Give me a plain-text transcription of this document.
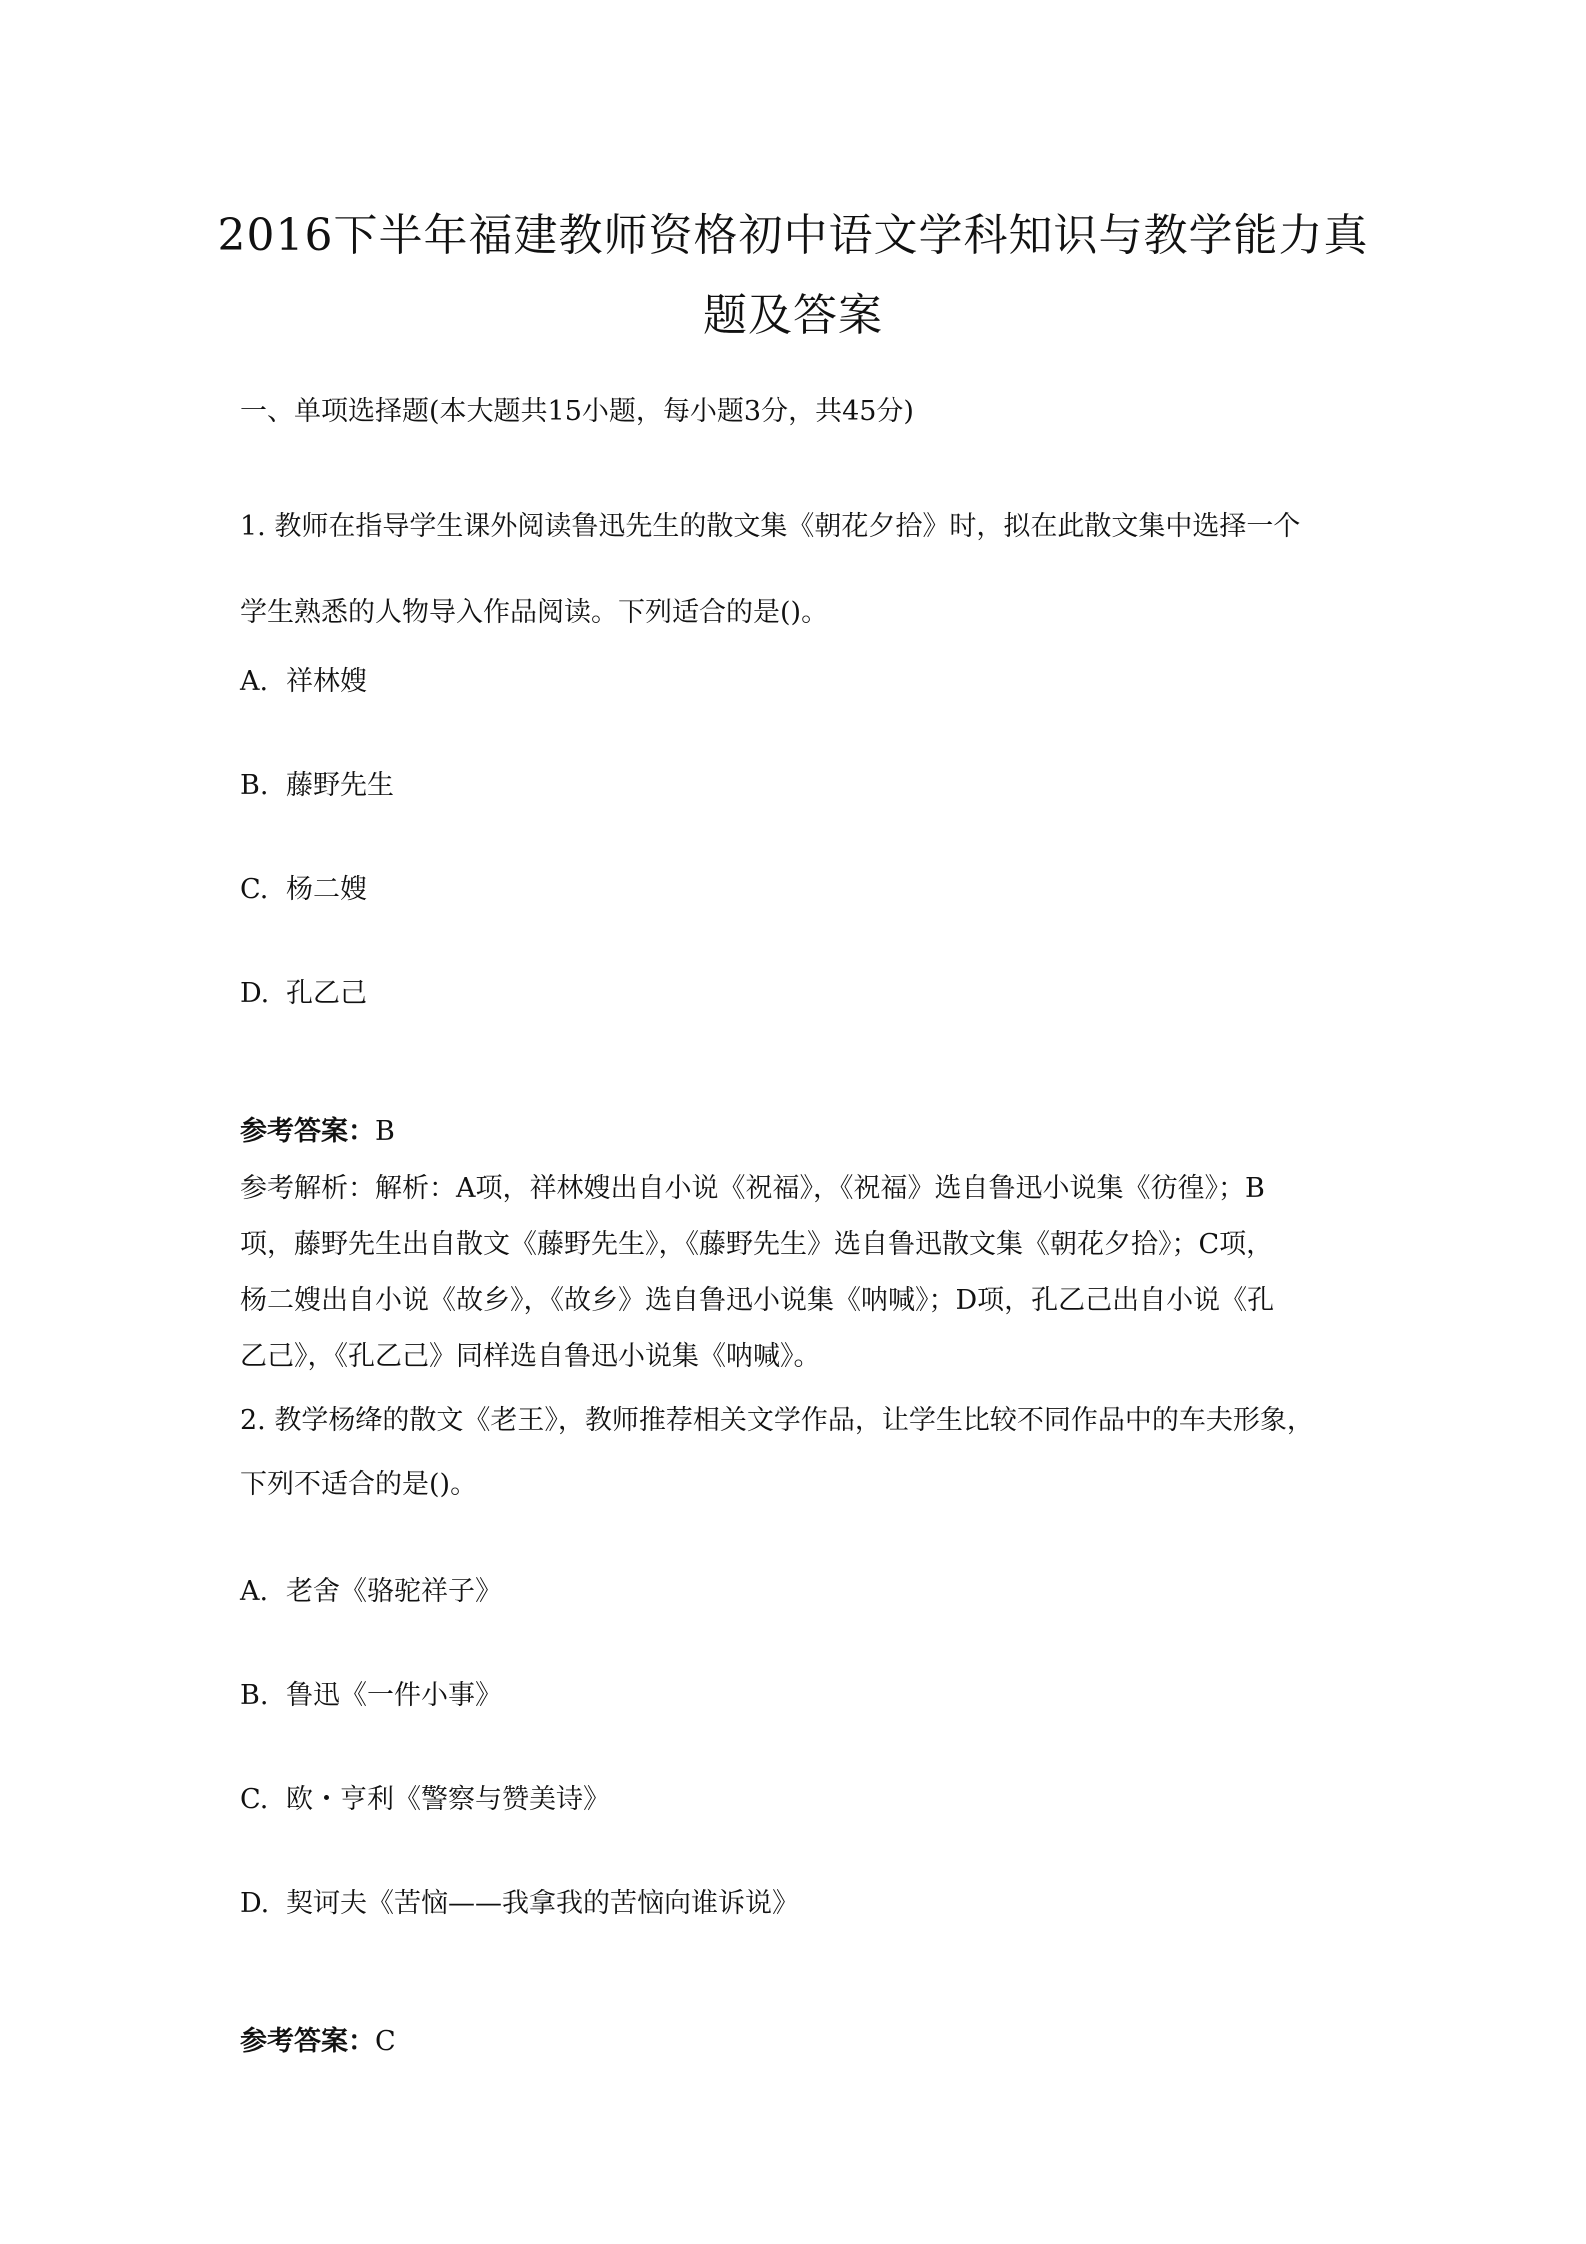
2016下半年福建教师资格初中语文学科知识与教学能力真
题及答案

一、单项选择题(本大题共15小题，每小题3分，共45分)

1. 教师在指导学生课外阅读鲁迅先生的散文集《朝花夕拾》时，拟在此散文集中选择一个
学生熟悉的人物导入作品阅读。下列适合的是()。

A. 祥林嫂

B. 藤野先生

C. 杨二嫂

D. 孔乙己

参考答案：B

参考解析：解析：A项，祥林嫂出自小说《祝福》，《祝福》选自鲁迅小说集《彷徨》；B
项，藤野先生出自散文《藤野先生》，《藤野先生》选自鲁迅散文集《朝花夕拾》；C项，
杨二嫂出自小说《故乡》，《故乡》选自鲁迅小说集《呐喊》；D项，孔乙己出自小说《孔
乙己》，《孔乙己》同样选自鲁迅小说集《呐喊》。
2. 教学杨绛的散文《老王》，教师推荐相关文学作品，让学生比较不同作品中的车夫形象，
下列不适合的是()。

A. 老舍《骆驼祥子》

B. 鲁迅《一件小事》

C. 欧・亨利《警察与赞美诗》

D. 契诃夫《苦恼——我拿我的苦恼向谁诉说》

参考答案：C
